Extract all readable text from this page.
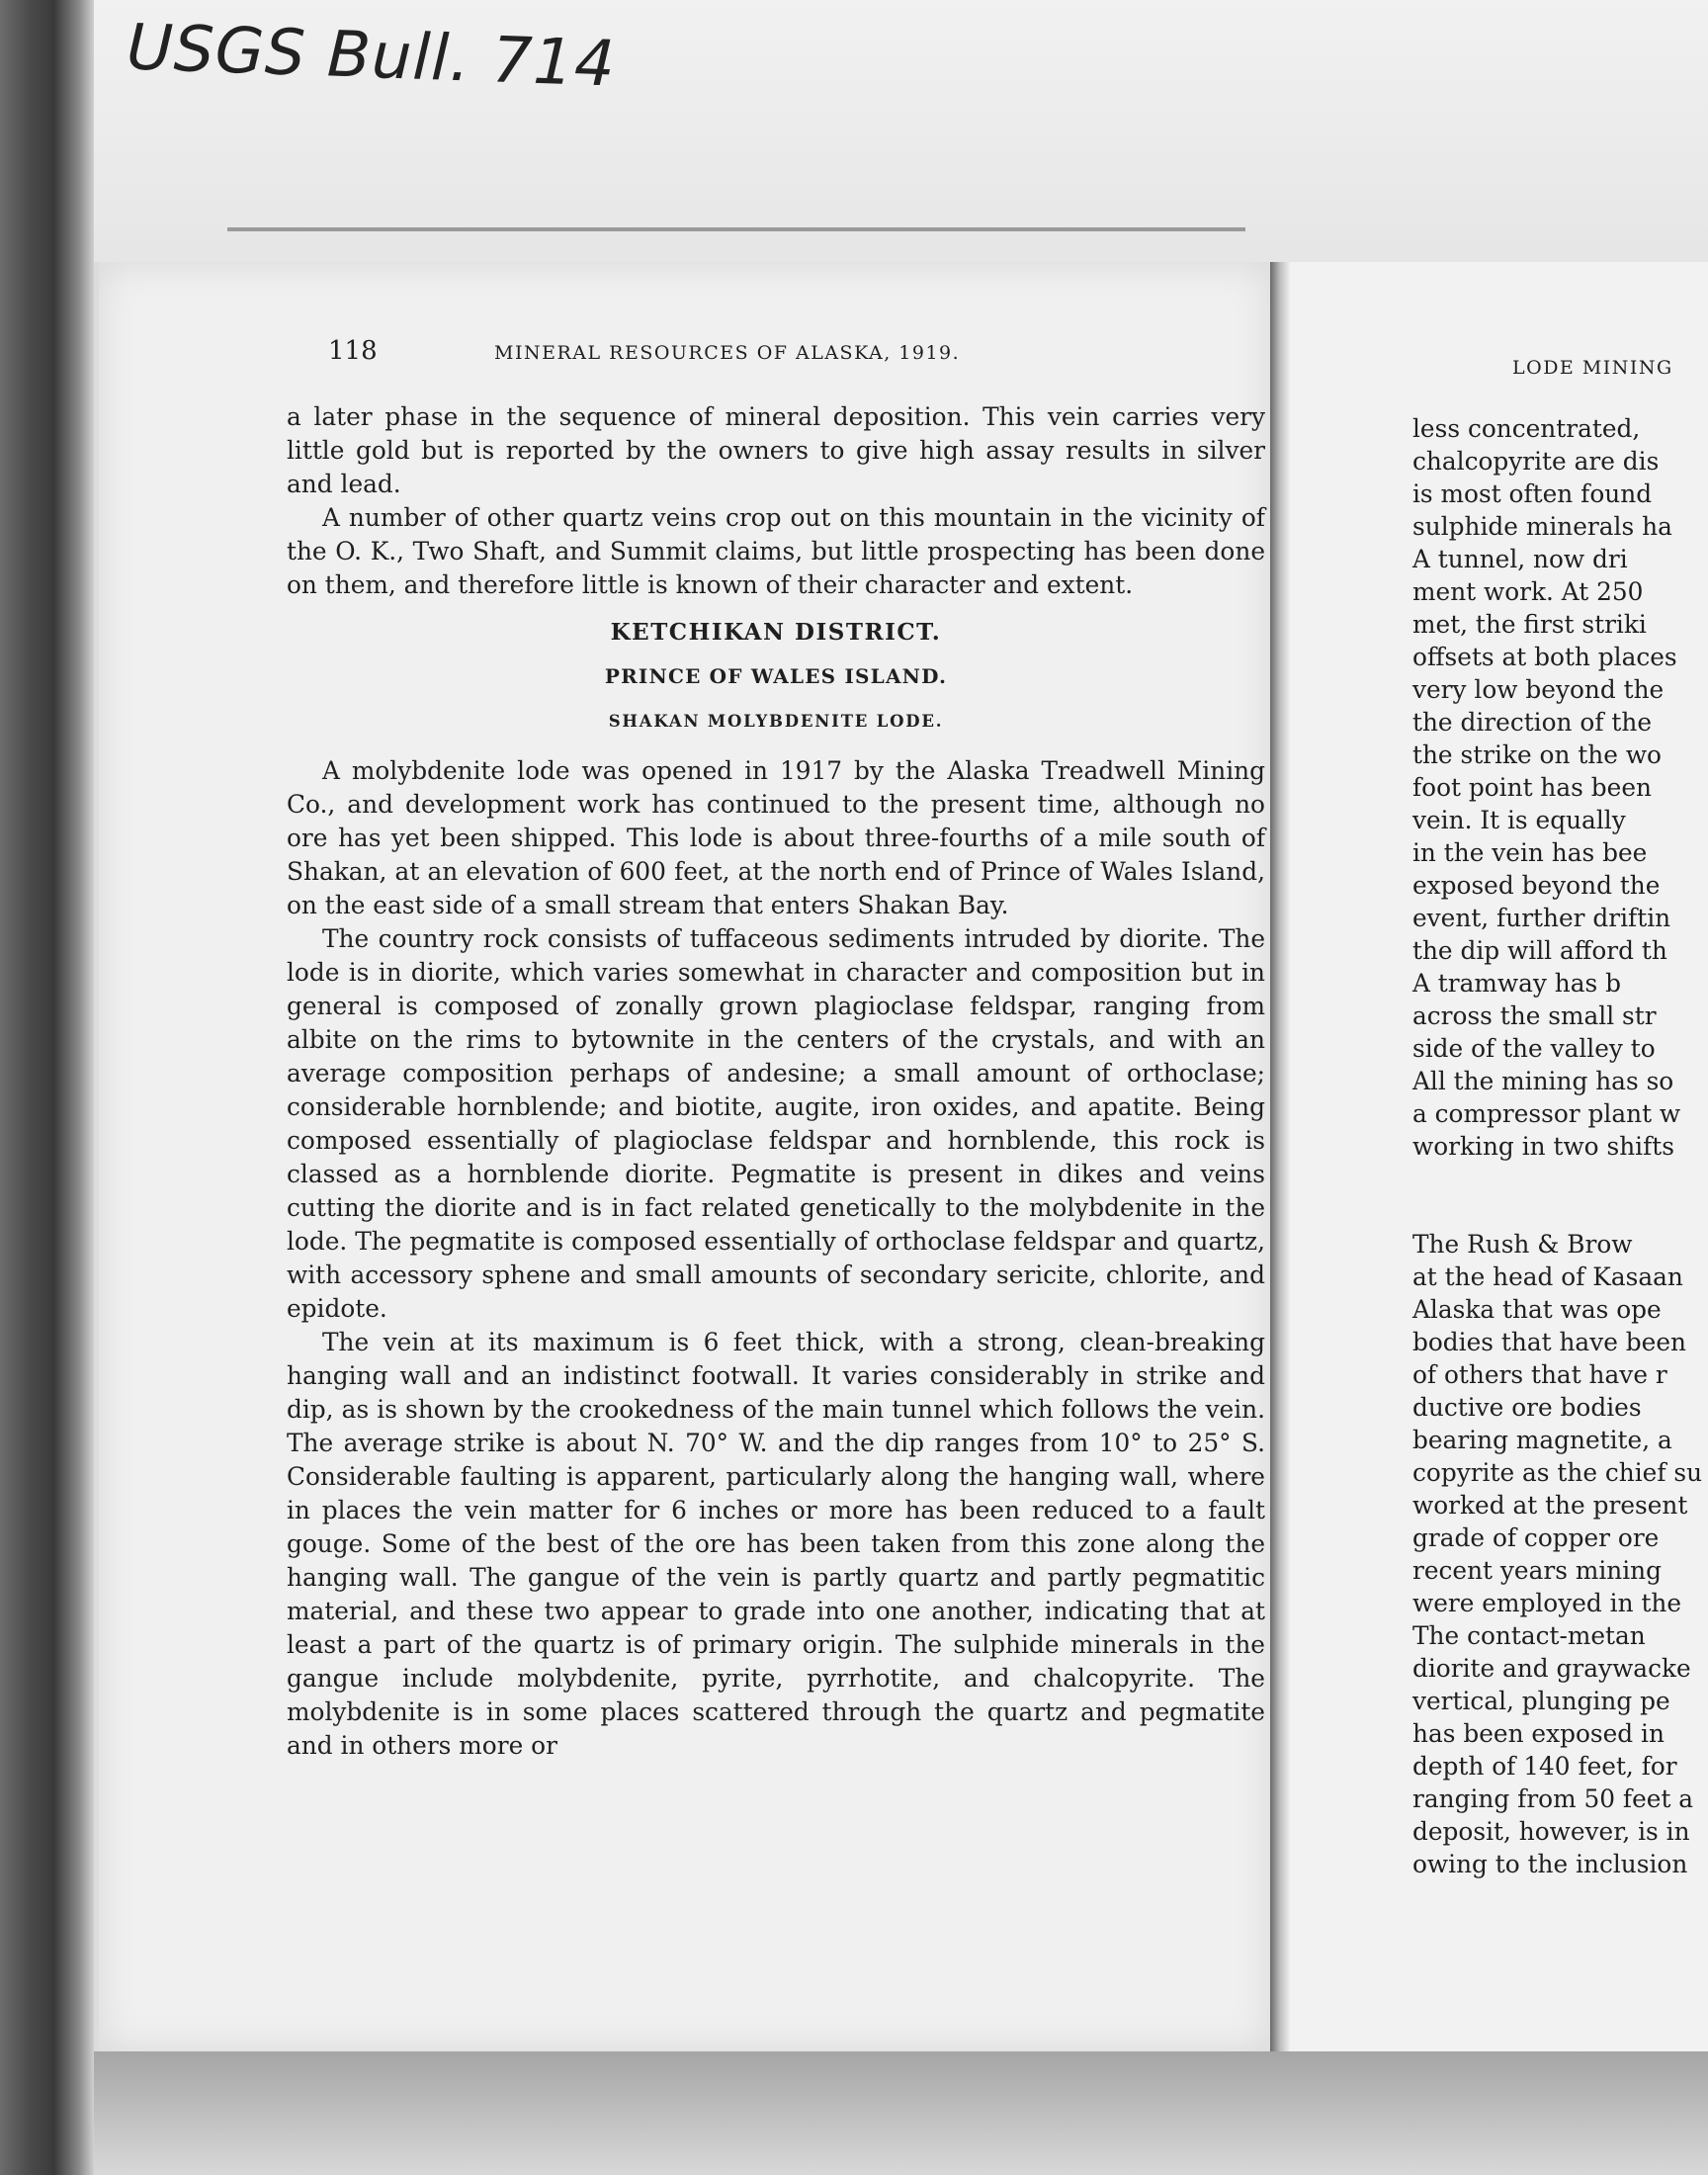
USGS Bull. 714
118	MINERAL RESOURCES OF ALASKA, 1919.

a later phase in the sequence of mineral deposition. This vein carries very little gold but is reported by the owners to give high assay results in silver and lead.

A number of other quartz veins crop out on this mountain in the vicinity of the O. K., Two Shaft, and Summit claims, but little prospecting has been done on them, and therefore little is known of their character and extent.

KETCHIKAN DISTRICT.
PRINCE OF WALES ISLAND.
SHAKAN MOLYBDENITE LODE.

A molybdenite lode was opened in 1917 by the Alaska Treadwell Mining Co., and development work has continued to the present time, although no ore has yet been shipped. This lode is about three-fourths of a mile south of Shakan, at an elevation of 600 feet, at the north end of Prince of Wales Island, on the east side of a small stream that enters Shakan Bay.

The country rock consists of tuffaceous sediments intruded by diorite. The lode is in diorite, which varies somewhat in character and composition but in general is composed of zonally grown plagioclase feldspar, ranging from albite on the rims to bytownite in the centers of the crystals, and with an average composition perhaps of andesine; a small amount of orthoclase; considerable hornblende; and biotite, augite, iron oxides, and apatite. Being composed essentially of plagioclase feldspar and hornblende, this rock is classed as a hornblende diorite. Pegmatite is present in dikes and veins cutting the diorite and is in fact related genetically to the molybdenite in the lode. The pegmatite is composed essentially of orthoclase feldspar and quartz, with accessory sphene and small amounts of secondary sericite, chlorite, and epidote.

The vein at its maximum is 6 feet thick, with a strong, clean-breaking hanging wall and an indistinct footwall. It varies considerably in strike and dip, as is shown by the crookedness of the main tunnel which follows the vein. The average strike is about N. 70° W. and the dip ranges from 10° to 25° S. Considerable faulting is apparent, particularly along the hanging wall, where in places the vein matter for 6 inches or more has been reduced to a fault gouge. Some of the best of the ore has been taken from this zone along the hanging wall. The gangue of the vein is partly quartz and partly pegmatitic material, and these two appear to grade into one another, indicating that at least a part of the quartz is of primary origin. The sulphide minerals in the gangue include molybdenite, pyrite, pyrrhotite, and chalcopyrite. The molybdenite is in some places scattered through the quartz and pegmatite and in others more or

LODE MINING
less concentrated,
chalcopyrite are dis
is most often found
sulphide minerals ha
A tunnel, now dri
ment work. At 250
met, the first striki
offsets at both places
very low beyond the
the direction of the
the strike on the wo
foot point has been
vein. It is equally
in the vein has bee
exposed beyond the
event, further driftin
the dip will afford th
A tramway has b
across the small str
side of the valley to
All the mining has so
a compressor plant w
working in two shifts
The Rush & Brow
at the head of Kasaan
Alaska that was ope
bodies that have been
of others that have r
ductive ore bodies
bearing magnetite, a
copyrite as the chief su
worked at the present
grade of copper ore
recent years mining
were employed in the
The contact-metan
diorite and graywacke
vertical, plunging pe
has been exposed in
depth of 140 feet, for
ranging from 50 feet a
deposit, however, is in
owing to the inclusion
